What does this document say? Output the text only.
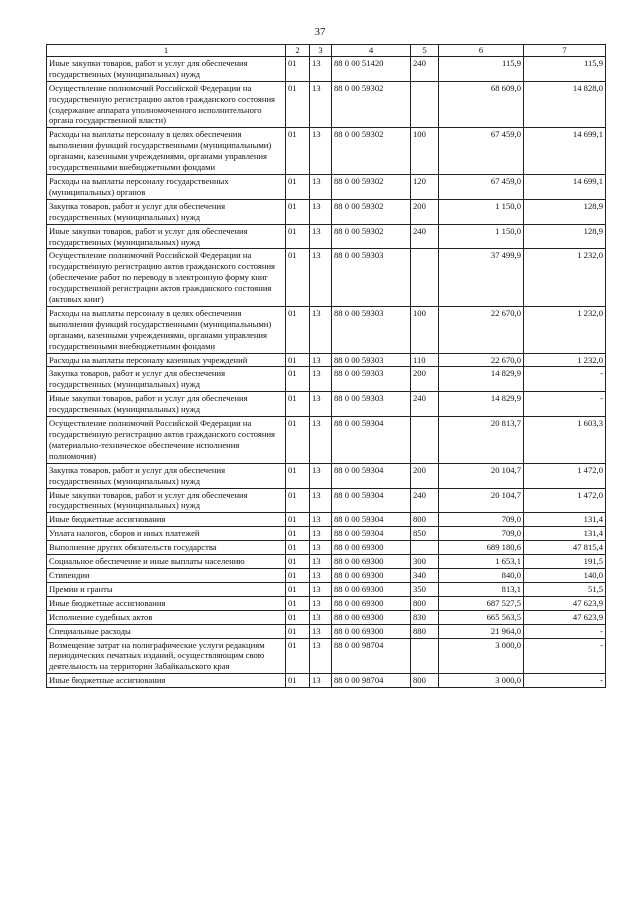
37
1	2	3	4	5	6	7
Иные закупки товаров, работ и услуг для обеспечения государственных (муниципальных) нужд	01	13	88 0 00 51420	240	115,9	115,9
Осуществление полномочий Российской Федерации на государственную регистрацию актов гражданского состояния (содержание аппарата уполномоченного исполнительного органа государственной власти)	01	13	88 0 00 59302		68 609,0	14 828,0
Расходы на выплаты персоналу в целях обеспечения выполнения функций государственными (муниципальными) органами, казенными учреждениями, органами управления государственными внебюджетными фондами	01	13	88 0 00 59302	100	67 459,0	14 699,1
Расходы на выплаты персоналу государственных (муниципальных) органов	01	13	88 0 00 59302	120	67 459,0	14 699,1
Закупка товаров, работ и услуг для обеспечения государственных (муниципальных) нужд	01	13	88 0 00 59302	200	1 150,0	128,9
Иные закупки товаров, работ и услуг для обеспечения государственных (муниципальных) нужд	01	13	88 0 00 59302	240	1 150,0	128,9
Осуществление полномочий Российской Федерации на государственную регистрацию актов гражданского состояния (обеспечение работ по переводу в электронную форму книг государственной регистрации актов гражданского состояния (актовых книг)	01	13	88 0 00 59303		37 499,9	1 232,0
Расходы на выплаты персоналу в целях обеспечения выполнения функций государственными (муниципальными) органами, казенными учреждениями, органами управления государственными внебюджетными фондами	01	13	88 0 00 59303	100	22 670,0	1 232,0
Расходы на выплаты персоналу казенных учреждений	01	13	88 0 00 59303	110	22 670,0	1 232,0
Закупка товаров, работ и услуг для обеспечения государственных (муниципальных) нужд	01	13	88 0 00 59303	200	14 829,9	-
Иные закупки товаров, работ и услуг для обеспечения государственных (муниципальных) нужд	01	13	88 0 00 59303	240	14 829,9	-
Осуществление полномочий Российской Федерации на государственную регистрацию актов гражданского состояния (материально-техническое обеспечение исполнения полномочия)	01	13	88 0 00 59304		20 813,7	1 603,3
Закупка товаров, работ и услуг для обеспечения государственных (муниципальных) нужд	01	13	88 0 00 59304	200	20 104,7	1 472,0
Иные закупки товаров, работ и услуг для обеспечения государственных (муниципальных) нужд	01	13	88 0 00 59304	240	20 104,7	1 472,0
Иные бюджетные ассигнования	01	13	88 0 00 59304	800	709,0	131,4
Уплата налогов, сборов и иных платежей	01	13	88 0 00 59304	850	709,0	131,4
Выполнение других обязательств государства	01	13	88 0 00 69300		689 180,6	47 815,4
Социальное обеспечение и иные выплаты населению	01	13	88 0 00 69300	300	1 653,1	191,5
Стипендии	01	13	88 0 00 69300	340	840,0	140,0
Премии и гранты	01	13	88 0 00 69300	350	813,1	51,5
Иные бюджетные ассигнования	01	13	88 0 00 69300	800	687 527,5	47 623,9
Исполнение судебных актов	01	13	88 0 00 69300	830	665 563,5	47 623,9
Специальные расходы	01	13	88 0 00 69300	880	21 964,0	-
Возмещение затрат на полиграфические услуги редакциям периодических печатных изданий, осуществляющим свою деятельность на территории Забайкальского края	01	13	88 0 00 98704		3 000,0	-
Иные бюджетные ассигнования	01	13	88 0 00 98704	800	3 000,0	-
